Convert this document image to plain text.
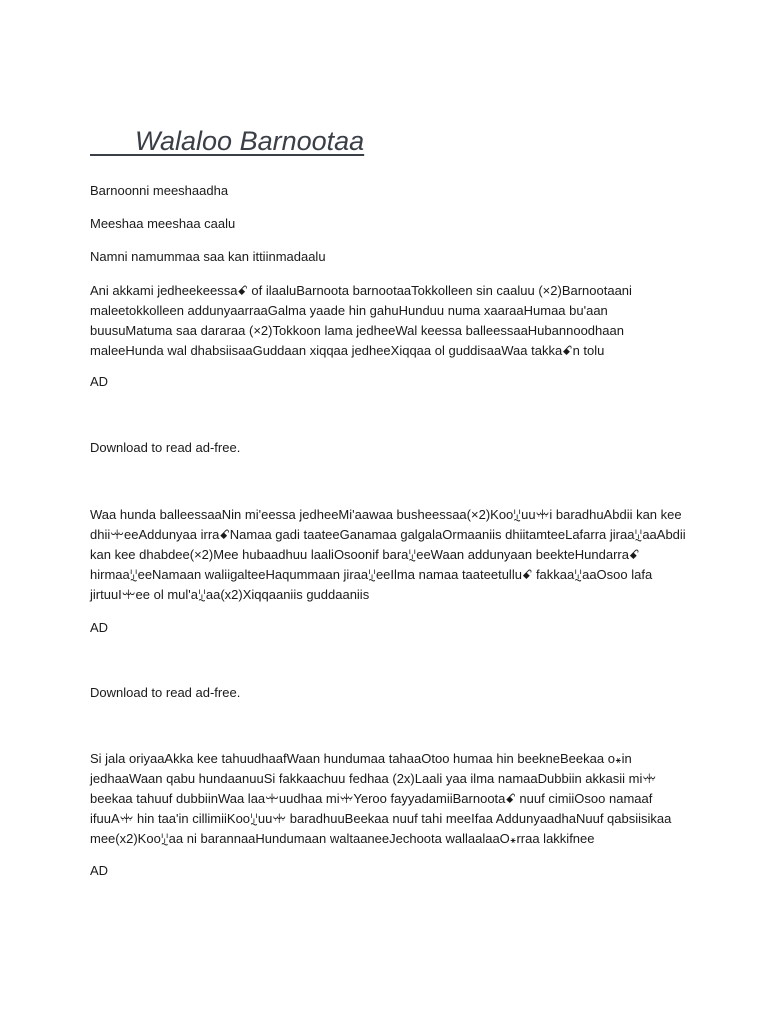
Walaloo Barnootaa

Barnoonni meeshaadha

Meeshaa meeshaa caalu

Namni namummaa saa kan ittiinmadaalu

Ani akkami jedheekeessaꗃ of ilaaluBarnoota barnootaaTokkolleen sin caaluu (×2)Barnootaani maleetokkolleen addunyaarraaGalma yaade hin gahuHunduu numa xaaraaHumaa bu'aan buusuMatuma saa dararaa (×2)Tokkoon lama jedheeWal keessa balleessaaHubannoodhaan maleeHunda wal dhabsiisaaGuddaan xiqqaa jedheeXiqqaa ol guddisaaWaa takkaꗃn tolu

AD

Download to read ad-free.

Waa hunda balleessaaNin mi'eessa jedheeMi'aawaa busheessaa(×2)Kooꗸuuꗼi baradhuAbdii kan kee dhiiꗻeeAddunyaa irraꗃNamaa gadi taateeGanamaa galgalaOrmaaniis dhiitamteeLafarra jiraaꗸaaAbdii kan kee dhabdee(×2)Mee hubaadhuu laaliOsoonif baraꗸeeWaan addunyaan beekteHundarraꗃ hirmaaꗸeeNamaan waliigalteeHaqummaan jiraaꗸeeIlma namaa taateetulluꗃ fakkaaꗸaaOsoo lafa jirtuuIꗻee ol mul'aꗸaa(x2)Xiqqaaniis guddaaniis

AD

Download to read ad-free.

Si jala oriyaaAkka kee tahuudhaafWaan hundumaa tahaaOtoo humaa hin beekneBeekaa o꘎in jedhaaWaan qabu hundaanuuSi fakkaachuu fedhaa (2x)Laali yaa ilma namaaDubbiin akkasii miꗼ beekaa tahuuf dubbiinWaa laaꗻuudhaa miꗼYeroo fayyadamiiBarnootaꗃ nuuf cimiiOsoo namaaf ifuuAꗼ hin taa'in cillimiiKooꗸuuꗼ baradhuuBeekaa nuuf tahi meeIfaa AddunyaadhaNuuf qabsiisikaa mee(x2)Kooꗸaa ni barannaaHundumaan waltaaneeJechoota wallaalaaO꘎rraa lakkifnee

AD
